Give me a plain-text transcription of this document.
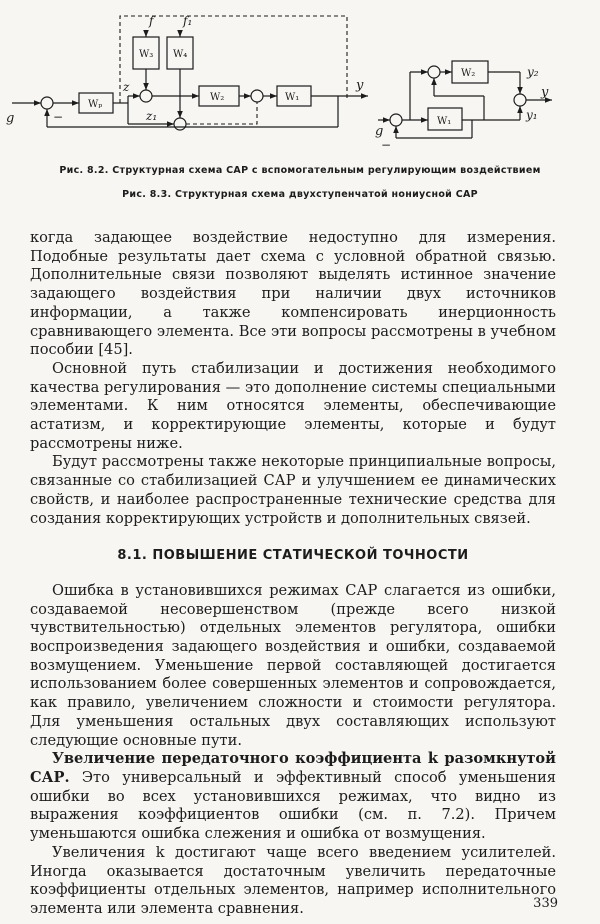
g	−
z
z₁
f f₁
y
Wₚ
W₃ W₄
W₂	W₁
g
−
y₂
y
y₁
W₁
W₂

Рис. 8.2. Структурная схема САР с вспомогательным регулирующим воздействием

Рис. 8.3. Структурная схема двухступенчатой нониусной САР

когда задающее воздействие недоступно для измерения. Подобные результаты дает схема с условной обратной связью. Дополнительные связи позволяют выделять истинное значение задающего воздействия при наличии двух источников информации, а также компенсировать инерционность сравнивающего элемента. Все эти вопросы рассмотрены в учебном пособии [45].

Основной путь стабилизации и достижения необходимого качества регулирования — это дополнение системы специальными элементами. К ним относятся элементы, обеспечивающие астатизм, и корректирующие элементы, которые и будут рассмотрены ниже.

Будут рассмотрены также некоторые принципиальные вопросы, связанные со стабилизацией САР и улучшением ее динамических свойств, и наиболее распространенные технические средства для создания корректирующих устройств и дополнительных связей.

8.1. ПОВЫШЕНИЕ СТАТИЧЕСКОЙ ТОЧНОСТИ

Ошибка в установившихся режимах САР слагается из ошибки, создаваемой несовершенством (прежде всего низкой чувствительностью) отдельных элементов регулятора, ошибки воспроизведения задающего воздействия и ошибки, создаваемой возмущением. Уменьшение первой составляющей достигается использованием более совершенных элементов и сопровождается, как правило, увеличением сложности и стоимости регулятора. Для уменьшения остальных двух составляющих используют следующие основные пути.

Увеличение передаточного коэффициента k разомкнутой САР. Это универсальный и эффективный способ уменьшения ошибки во всех установившихся режимах, что видно из выражения коэффициентов ошибки (см. п. 7.2). Причем уменьшаются ошибка слежения и ошибка от возмущения.

Увеличения k достигают чаще всего введением усилителей. Иногда оказывается достаточным увеличить передаточные коэффициенты отдельных элементов, например исполнительного элемента или элемента сравнения.	339
